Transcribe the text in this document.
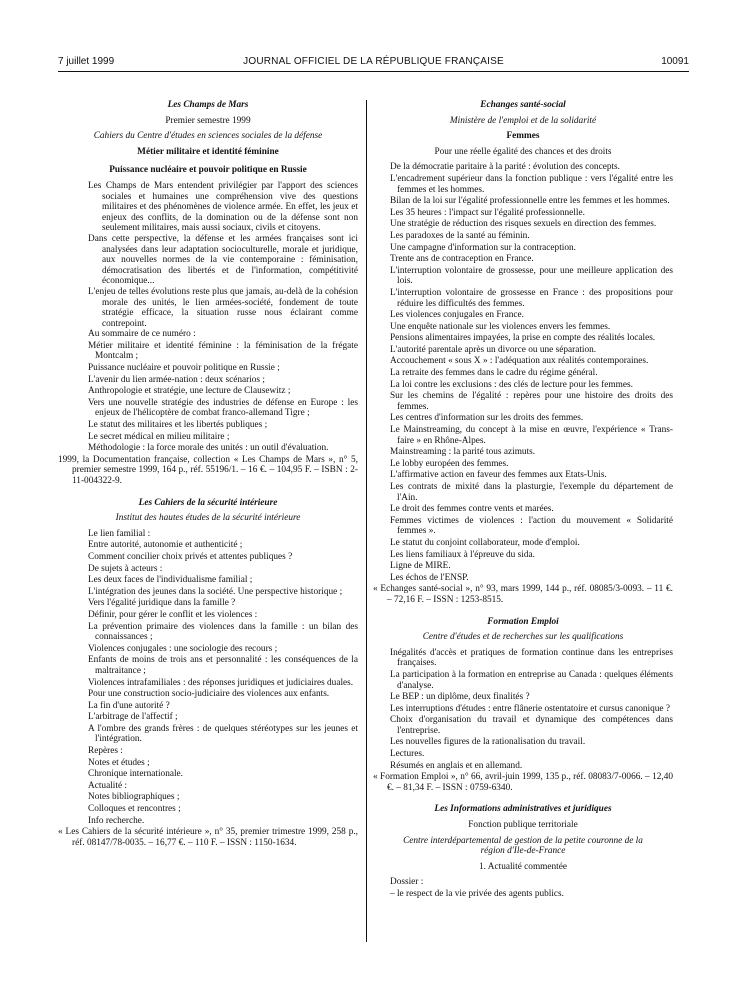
7 juillet 1999	JOURNAL OFFICIEL DE LA RÉPUBLIQUE FRANÇAISE	10091
Les Champs de Mars
Premier semestre 1999
Cahiers du Centre d'études en sciences sociales de la défense
Métier militaire et identité féminine
Puissance nucléaire et pouvoir politique en Russie

Les Champs de Mars entendent privilégier par l'apport des sciences sociales et humaines une compréhension vive des questions militaires et des phénomènes de violence armée. En effet, les jeux et enjeux des conflits, de la domination ou de la défense sont non seulement militaires, mais aussi sociaux, civils et citoyens.

Dans cette perspective, la défense et les armées françaises sont ici analysées dans leur adaptation socioculturelle, morale et juridique, aux nouvelles normes de la vie contemporaine : féminisation, démocratisation des libertés et de l'information, compétitivité économique...

L'enjeu de telles évolutions reste plus que jamais, au-delà de la cohésion morale des unités, le lien armées-société, fondement de toute stratégie efficace, la situation russe nous éclairant comme contrepoint.

Au sommaire de ce numéro :

Métier militaire et identité féminine : la féminisation de la frégate Montcalm ;

Puissance nucléaire et pouvoir politique en Russie ;

L'avenir du lien armée-nation : deux scénarios ;

Anthropologie et stratégie, une lecture de Clausewitz ;

Vers une nouvelle stratégie des industries de défense en Europe : les enjeux de l'hélicoptère de combat franco-allemand Tigre ;

Le statut des militaires et les libertés publiques ;

Le secret médical en milieu militaire ;

Méthodologie : la force morale des unités : un outil d'évaluation.

1999, la Documentation française, collection « Les Champs de Mars », n° 5, premier semestre 1999, 164 p., réf. 55196/1. – 16 €. – 104,95 F. – ISBN : 2-11-004322-9.

Les Cahiers de la sécurité intérieure
Institut des hautes études de la sécurité intérieure

Le lien familial :

Entre autorité, autonomie et authenticité ;

Comment concilier choix privés et attentes publiques ?

De sujets à acteurs :

Les deux faces de l'individualisme familial ;

L'intégration des jeunes dans la société. Une perspective historique ;

Vers l'égalité juridique dans la famille ?

Définir, pour gérer le conflit et les violences :

La prévention primaire des violences dans la famille : un bilan des connaissances ;

Violences conjugales : une sociologie des recours ;

Enfants de moins de trois ans et personnalité : les conséquences de la maltraitance ;

Violences intrafamiliales : des réponses juridiques et judiciaires duales.

Pour une construction socio-judiciaire des violences aux enfants.

La fin d'une autorité ?

L'arbitrage de l'affectif ;

A l'ombre des grands frères : de quelques stéréotypes sur les jeunes et l'intégration.

Repères :

Notes et études ;

Chronique internationale.

Actualité :

Notes bibliographiques ;

Colloques et rencontres ;

Info recherche.

« Les Cahiers de la sécurité intérieure », n° 35, premier trimestre 1999, 258 p., réf. 08147/78-0035. – 16,77 €. – 110 F. – ISSN : 1150-1634.

Echanges santé-social
Ministère de l'emploi et de la solidarité
Femmes
Pour une réelle égalité des chances et des droits

De la démocratie paritaire à la parité : évolution des concepts.

L'encadrement supérieur dans la fonction publique : vers l'égalité entre les femmes et les hommes.

Bilan de la loi sur l'égalité professionnelle entre les femmes et les hommes.

Les 35 heures : l'impact sur l'égalité professionnelle.

Une stratégie de réduction des risques sexuels en direction des femmes.

Les paradoxes de la santé au féminin.

Une campagne d'information sur la contraception.

Trente ans de contraception en France.

L'interruption volontaire de grossesse, pour une meilleure application des lois.

L'interruption volontaire de grossesse en France : des propositions pour réduire les difficultés des femmes.

Les violences conjugales en France.

Une enquête nationale sur les violences envers les femmes.

Pensions alimentaires impayées, la prise en compte des réalités locales.

L'autorité parentale après un divorce ou une séparation.

Accouchement « sous X » : l'adéquation aux réalités contemporaines.

La retraite des femmes dans le cadre du régime général.

La loi contre les exclusions : des clés de lecture pour les femmes.

Sur les chemins de l'égalité : repères pour une histoire des droits des femmes.

Les centres d'information sur les droits des femmes.

Le Mainstreaming, du concept à la mise en œuvre, l'expérience « Trans-faire » en Rhône-Alpes.

Mainstreaming : la parité tous azimuts.

Le lobby européen des femmes.

L'affirmative action en faveur des femmes aux Etats-Unis.

Les contrats de mixité dans la plasturgie, l'exemple du département de l'Ain.

Le droit des femmes contre vents et marées.

Femmes victimes de violences : l'action du mouvement « Solidarité femmes ».

Le statut du conjoint collaborateur, mode d'emploi.

Les liens familiaux à l'épreuve du sida.

Ligne de MIRE.

Les échos de l'ENSP.

« Echanges santé-social », n° 93, mars 1999, 144 p., réf. 08085/3-0093. – 11 €. – 72,16 F. – ISSN : 1253-8515.

Formation Emploi
Centre d'études et de recherches sur les qualifications

Inégalités d'accès et pratiques de formation continue dans les entreprises françaises.

La participation à la formation en entreprise au Canada : quelques éléments d'analyse.

Le BEP : un diplôme, deux finalités ?

Les interruptions d'études : entre flânerie ostentatoire et cursus canonique ?

Choix d'organisation du travail et dynamique des compétences dans l'entreprise.

Les nouvelles figures de la rationalisation du travail.

Lectures.

Résumés en anglais et en allemand.

« Formation Emploi », n° 66, avril-juin 1999, 135 p., réf. 08083/7-0066. – 12,40 €. – 81,34 F. – ISSN : 0759-6340.

Les Informations administratives et juridiques
Fonction publique territoriale
Centre interdépartemental de gestion de la petite couronne de la région d'Ile-de-France
1. Actualité commentée

Dossier :

– le respect de la vie privée des agents publics.
